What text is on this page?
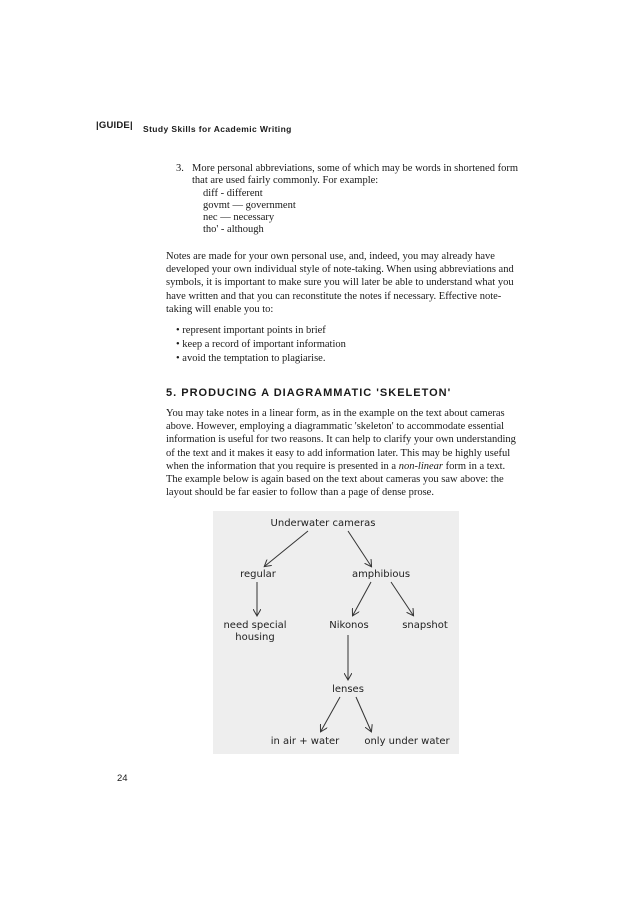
|GUIDE| Study Skills for Academic Writing
3. More personal abbreviations, some of which may be words in shortened form
that are used fairly commonly. For example:
diff - different
govmt — government
nec — necessary
tho' - although
Notes are made for your own personal use, and, indeed, you may already have
developed your own individual style of note-taking. When using abbreviations and
symbols, it is important to make sure you will later be able to understand what you
have written and that you can reconstitute the notes if necessary. Effective note-
taking will enable you to:
• represent important points in brief
• keep a record of important information
• avoid the temptation to plagiarise.
5. PRODUCING A DIAGRAMMATIC 'SKELETON'
You may take notes in a linear form, as in the example on the text about cameras
above. However, employing a diagrammatic 'skeleton' to accommodate essential
information is useful for two reasons. It can help to clarify your own understanding
of the text and it makes it easy to add information later. This may be highly useful
when the information that you require is presented in a non-linear form in a text.
The example below is again based on the text about cameras you saw above: the
layout should be far easier to follow than a page of dense prose.
Underwater cameras
regular	amphibious
need special
housing
Nikonos	snapshot
lenses
in air + water	only under water
24
